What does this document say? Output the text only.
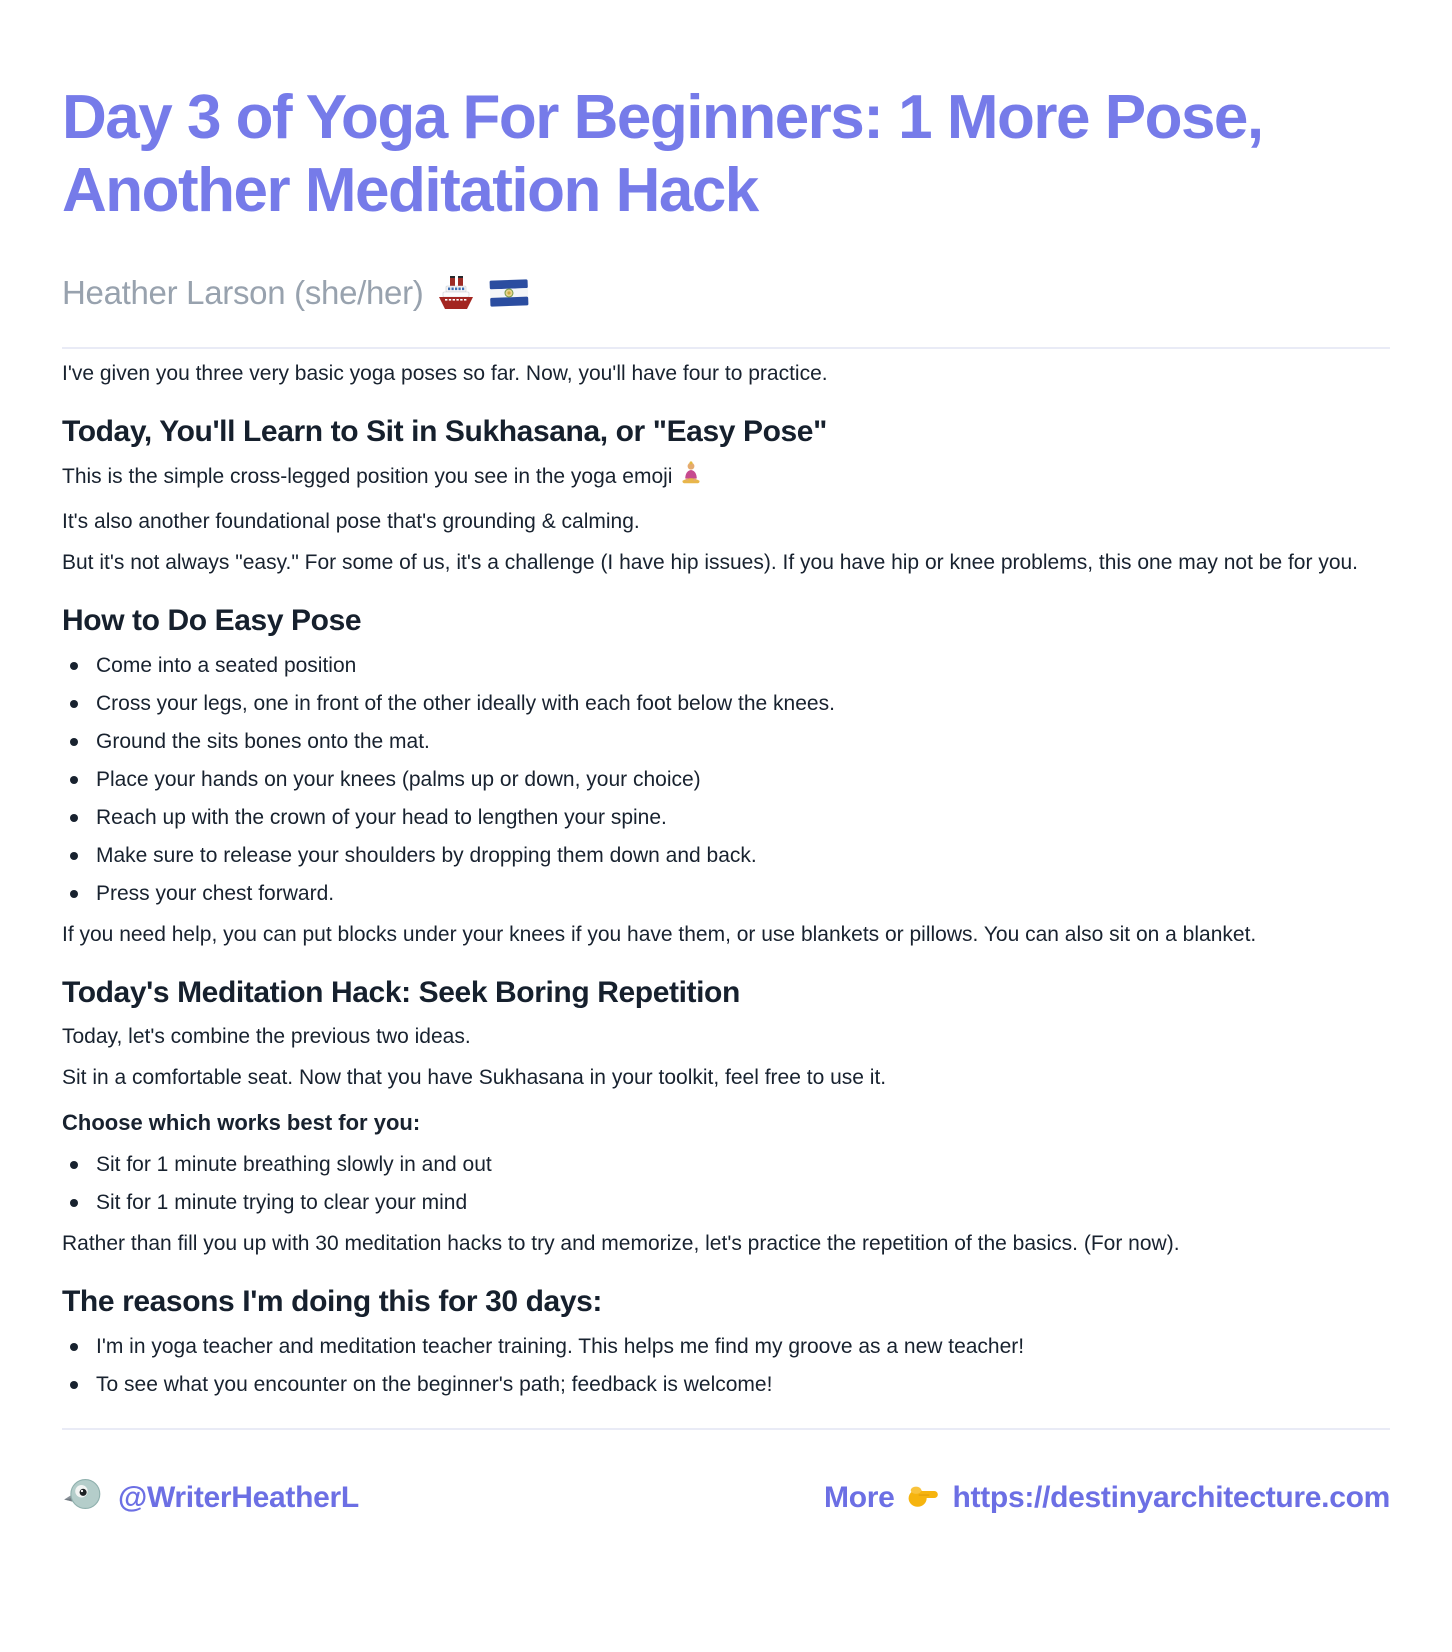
Day 3 of Yoga For Beginners: 1 More Pose, Another Meditation Hack
Heather Larson (she/her)

I've given you three very basic yoga poses so far. Now, you'll have four to practice.

Today, You'll Learn to Sit in Sukhasana, or "Easy Pose"

This is the simple cross-legged position you see in the yoga emoji

It's also another foundational pose that's grounding & calming.

But it's not always "easy." For some of us, it's a challenge (I have hip issues). If you have hip or knee problems, this one may not be for you.

How to Do Easy Pose
Come into a seated position
Cross your legs, one in front of the other ideally with each foot below the knees.
Ground the sits bones onto the mat.
Place your hands on your knees (palms up or down, your choice)
Reach up with the crown of your head to lengthen your spine.
Make sure to release your shoulders by dropping them down and back.
Press your chest forward.

If you need help, you can put blocks under your knees if you have them, or use blankets or pillows. You can also sit on a blanket.

Today's Meditation Hack: Seek Boring Repetition

Today, let's combine the previous two ideas.

Sit in a comfortable seat. Now that you have Sukhasana in your toolkit, feel free to use it.

Choose which works best for you:

Sit for 1 minute breathing slowly in and out
Sit for 1 minute trying to clear your mind

Rather than fill you up with 30 meditation hacks to try and memorize, let's practice the repetition of the basics. (For now).

The reasons I'm doing this for 30 days:
I'm in yoga teacher and meditation teacher training. This helps me find my groove as a new teacher!
To see what you encounter on the beginner's path; feedback is welcome!
@WriterHeatherL	More https://destinyarchitecture.com
